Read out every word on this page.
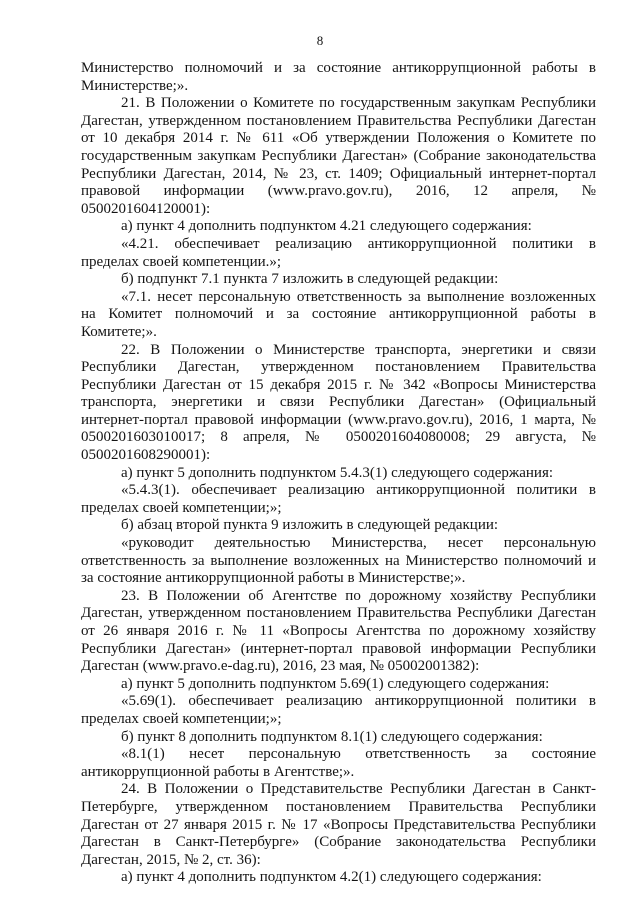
8

Министерство полномочий и за состояние антикоррупционной работы в Министерстве;».

21. В Положении о Комитете по государственным закупкам Республики Дагестан, утвержденном постановлением Правительства Республики Дагестан от 10 декабря 2014 г. № 611 «Об утверждении Положения о Комитете по государственным закупкам Республики Дагестан» (Собрание законодательства Республики Дагестан, 2014, № 23, ст. 1409; Официальный интернет-портал правовой информации (www.pravo.gov.ru), 2016, 12 апреля, № 0500201604120001):

а) пункт 4 дополнить подпунктом 4.21 следующего содержания:

«4.21. обеспечивает реализацию антикоррупционной политики в пределах своей компетенции.»;

б) подпункт 7.1 пункта 7 изложить в следующей редакции:

«7.1. несет персональную ответственность за выполнение возложенных на Комитет полномочий и за состояние антикоррупционной работы в Комитете;».

22. В Положении о Министерстве транспорта, энергетики и связи Республики Дагестан, утвержденном постановлением Правительства Республики Дагестан от 15 декабря 2015 г. № 342 «Вопросы Министерства транспорта, энергетики и связи Республики Дагестан» (Официальный интернет-портал правовой информации (www.pravo.gov.ru), 2016, 1 марта, № 0500201603010017; 8 апреля, № 0500201604080008; 29 августа, № 0500201608290001):

а) пункт 5 дополнить подпунктом 5.4.3(1) следующего содержания:

«5.4.3(1). обеспечивает реализацию антикоррупционной политики в пределах своей компетенции;»;

б) абзац второй пункта 9 изложить в следующей редакции:

«руководит деятельностью Министерства, несет персональную ответственность за выполнение возложенных на Министерство полномочий и за состояние антикоррупционной работы в Министерстве;».

23. В Положении об Агентстве по дорожному хозяйству Республики Дагестан, утвержденном постановлением Правительства Республики Дагестан от 26 января 2016 г. № 11 «Вопросы Агентства по дорожному хозяйству Республики Дагестан» (интернет-портал правовой информации Республики Дагестан (www.pravo.e-dag.ru), 2016, 23 мая, № 05002001382):

а) пункт 5 дополнить подпунктом 5.69(1) следующего содержания:

«5.69(1). обеспечивает реализацию антикоррупционной политики в пределах своей компетенции;»;

б) пункт 8 дополнить подпунктом 8.1(1) следующего содержания:

«8.1(1) несет персональную ответственность за состояние антикоррупционной работы в Агентстве;».

24. В Положении о Представительстве Республики Дагестан в Санкт-Петербурге, утвержденном постановлением Правительства Республики Дагестан от 27 января 2015 г. № 17 «Вопросы Представительства Республики Дагестан в Санкт-Петербурге» (Собрание законодательства Республики Дагестан, 2015, № 2, ст. 36):

а) пункт 4 дополнить подпунктом 4.2(1) следующего содержания:
